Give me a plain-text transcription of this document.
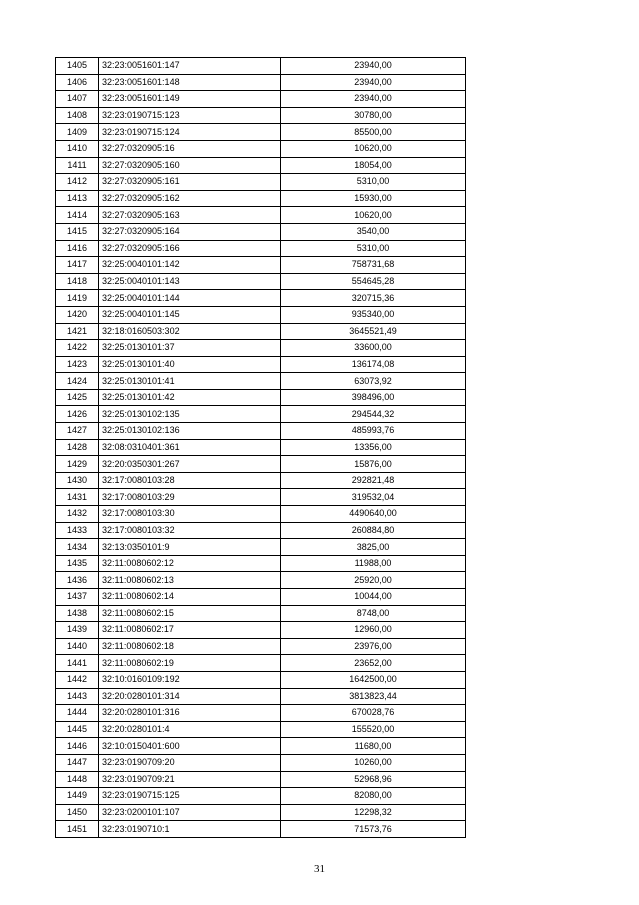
1405	32:23:0051601:147	23940,00
1406	32:23:0051601:148	23940,00
1407	32:23:0051601:149	23940,00
1408	32:23:0190715:123	30780,00
1409	32:23:0190715:124	85500,00
1410	32:27:0320905:16	10620,00
1411	32:27:0320905:160	18054,00
1412	32:27:0320905:161	5310,00
1413	32:27:0320905:162	15930,00
1414	32:27:0320905:163	10620,00
1415	32:27:0320905:164	3540,00
1416	32:27:0320905:166	5310,00
1417	32:25:0040101:142	758731,68
1418	32:25:0040101:143	554645,28
1419	32:25:0040101:144	320715,36
1420	32:25:0040101:145	935340,00
1421	32:18:0160503:302	3645521,49
1422	32:25:0130101:37	33600,00
1423	32:25:0130101:40	136174,08
1424	32:25:0130101:41	63073,92
1425	32:25:0130101:42	398496,00
1426	32:25:0130102:135	294544,32
1427	32:25:0130102:136	485993,76
1428	32:08:0310401:361	13356,00
1429	32:20:0350301:267	15876,00
1430	32:17:0080103:28	292821,48
1431	32:17:0080103:29	319532,04
1432	32:17:0080103:30	4490640,00
1433	32:17:0080103:32	260884,80
1434	32:13:0350101:9	3825,00
1435	32:11:0080602:12	11988,00
1436	32:11:0080602:13	25920,00
1437	32:11:0080602:14	10044,00
1438	32:11:0080602:15	8748,00
1439	32:11:0080602:17	12960,00
1440	32:11:0080602:18	23976,00
1441	32:11:0080602:19	23652,00
1442	32:10:0160109:192	1642500,00
1443	32:20:0280101:314	3813823,44
1444	32:20:0280101:316	670028,76
1445	32:20:0280101:4	155520,00
1446	32:10:0150401:600	11680,00
1447	32:23:0190709:20	10260,00
1448	32:23:0190709:21	52968,96
1449	32:23:0190715:125	82080,00
1450	32:23:0200101:107	12298,32
1451	32:23:0190710:1	71573,76
31
